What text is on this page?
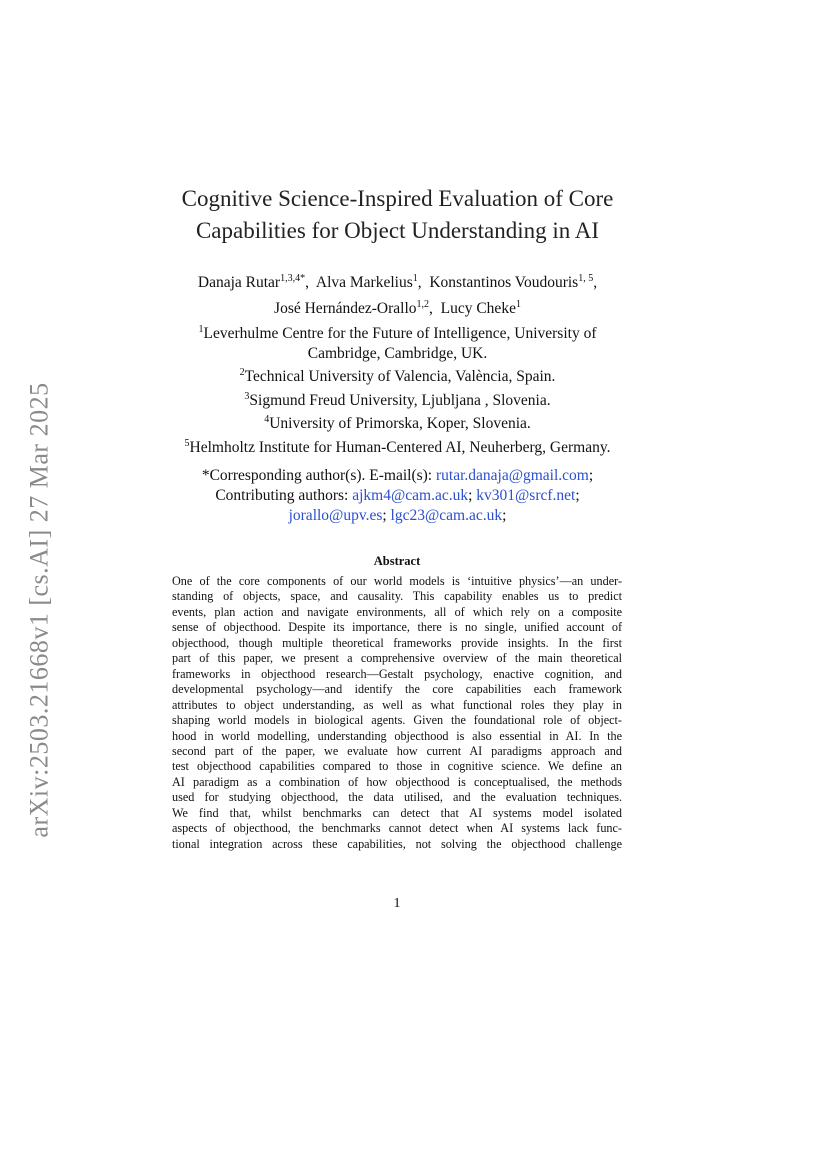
arXiv:2503.21668v1 [cs.AI] 27 Mar 2025
Cognitive Science-Inspired Evaluation of Core
Capabilities for Object Understanding in AI
Danaja Rutar$^{1,3,4*}$,  Alva Markelius$^1$,  Konstantinos Voudouris$^{1, 5}$,
José Hernández-Orallo$^{1,2}$,  Lucy Cheke$^1$
$^1$Leverhulme Centre for the Future of Intelligence, University of
Cambridge, Cambridge, UK.
$^2$Technical University of Valencia, València, Spain.
$^3$Sigmund Freud University, Ljubljana , Slovenia.
$^4$University of Primorska, Koper, Slovenia.
$^5$Helmholtz Institute for Human-Centered AI, Neuherberg, Germany.
*Corresponding author(s). E-mail(s): rutar.danaja@gmail.com;
Contributing authors: ajkm4@cam.ac.uk; kv301@srcf.net;
jorallo@upv.es; lgc23@cam.ac.uk;
Abstract
One of the core components of our world models is ‘intuitive physics’—an under-
standing of objects, space, and causality. This capability enables us to predict
events, plan action and navigate environments, all of which rely on a composite
sense of objecthood. Despite its importance, there is no single, unified account of
objecthood, though multiple theoretical frameworks provide insights. In the first
part of this paper, we present a comprehensive overview of the main theoretical
frameworks in objecthood research—Gestalt psychology, enactive cognition, and
developmental psychology—and identify the core capabilities each framework
attributes to object understanding, as well as what functional roles they play in
shaping world models in biological agents. Given the foundational role of object-
hood in world modelling, understanding objecthood is also essential in AI. In the
second part of the paper, we evaluate how current AI paradigms approach and
test objecthood capabilities compared to those in cognitive science. We define an
AI paradigm as a combination of how objecthood is conceptualised, the methods
used for studying objecthood, the data utilised, and the evaluation techniques.
We find that, whilst benchmarks can detect that AI systems model isolated
aspects of objecthood, the benchmarks cannot detect when AI systems lack func-
tional integration across these capabilities, not solving the objecthood challenge
1
